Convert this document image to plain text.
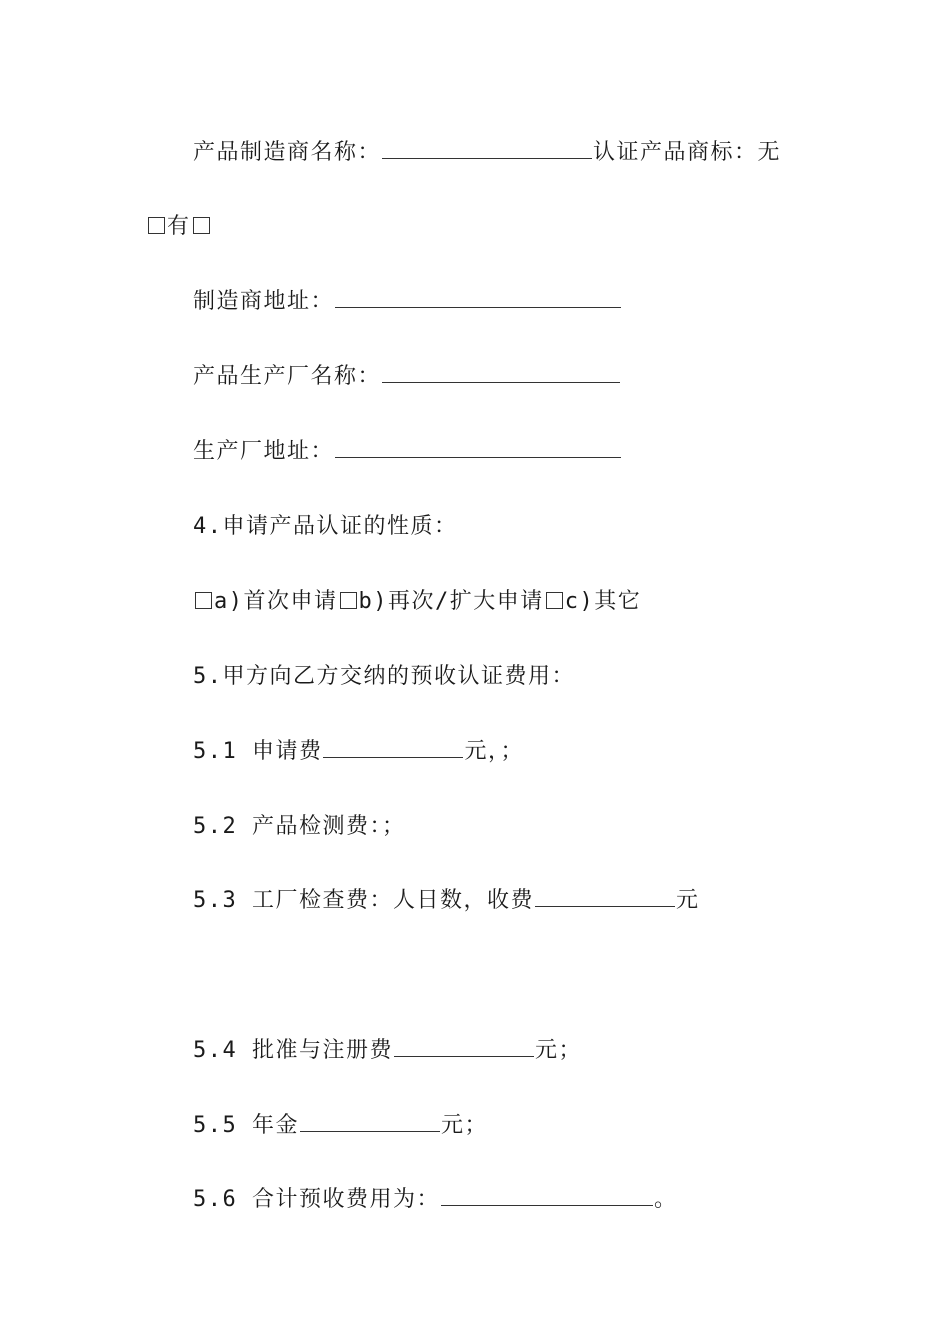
产品制造商名称：	认证产品商标：无
有
制造商地址：
产品生产厂名称：
生产厂地址：
4.申请产品认证的性质：
a)首次申请 b)再次/扩大申请 c)其它
5.甲方向乙方交纳的预收认证费用：
5.1 申请费	元，；
5.2 产品检测费：；
5.3 工厂检查费：人日数，收费	元
5.4 批准与注册费	元；
5.5 年金	元；
5.6 合计预收费用为：	。
